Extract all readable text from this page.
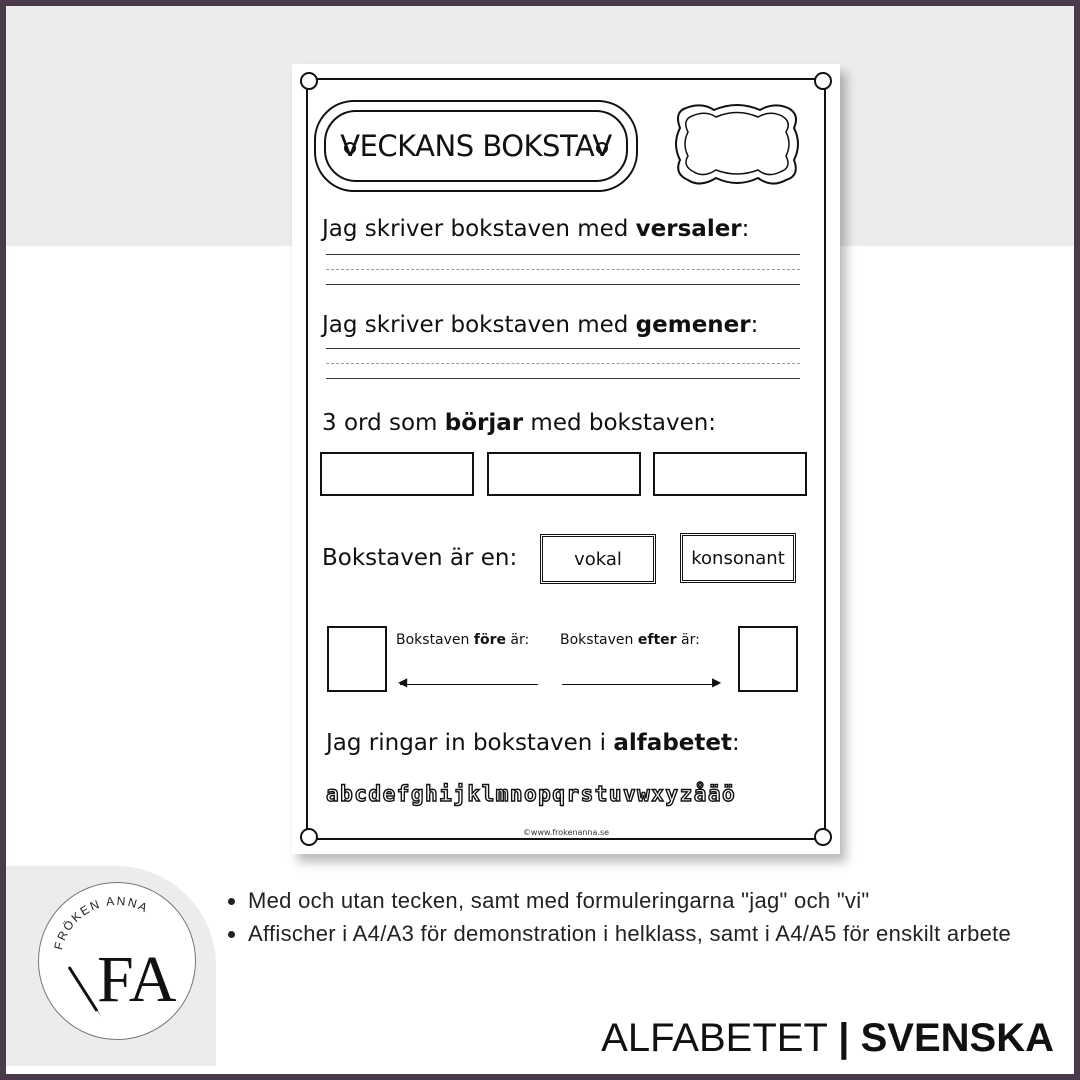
VECKANS BOKSTAV
Jag skriver bokstaven med versaler:
Jag skriver bokstaven med gemener:
3 ord som börjar med bokstaven:
Bokstaven är en:	vokal	konsonant
Bokstaven före är: Bokstaven efter är:
◀	▶
Jag ringar in bokstaven i alfabetet:
abcdefghijklmnopqrstuvwxyzåäö
©www.frokenanna.se
FRÖKEN ANNA
FA
• Med och utan tecken, samt med formuleringarna "jag" och "vi"
• Affischer i A4/A3 för demonstration i helklass, samt i A4/A5 för enskilt arbete
ALFABETET | SVENSKA
